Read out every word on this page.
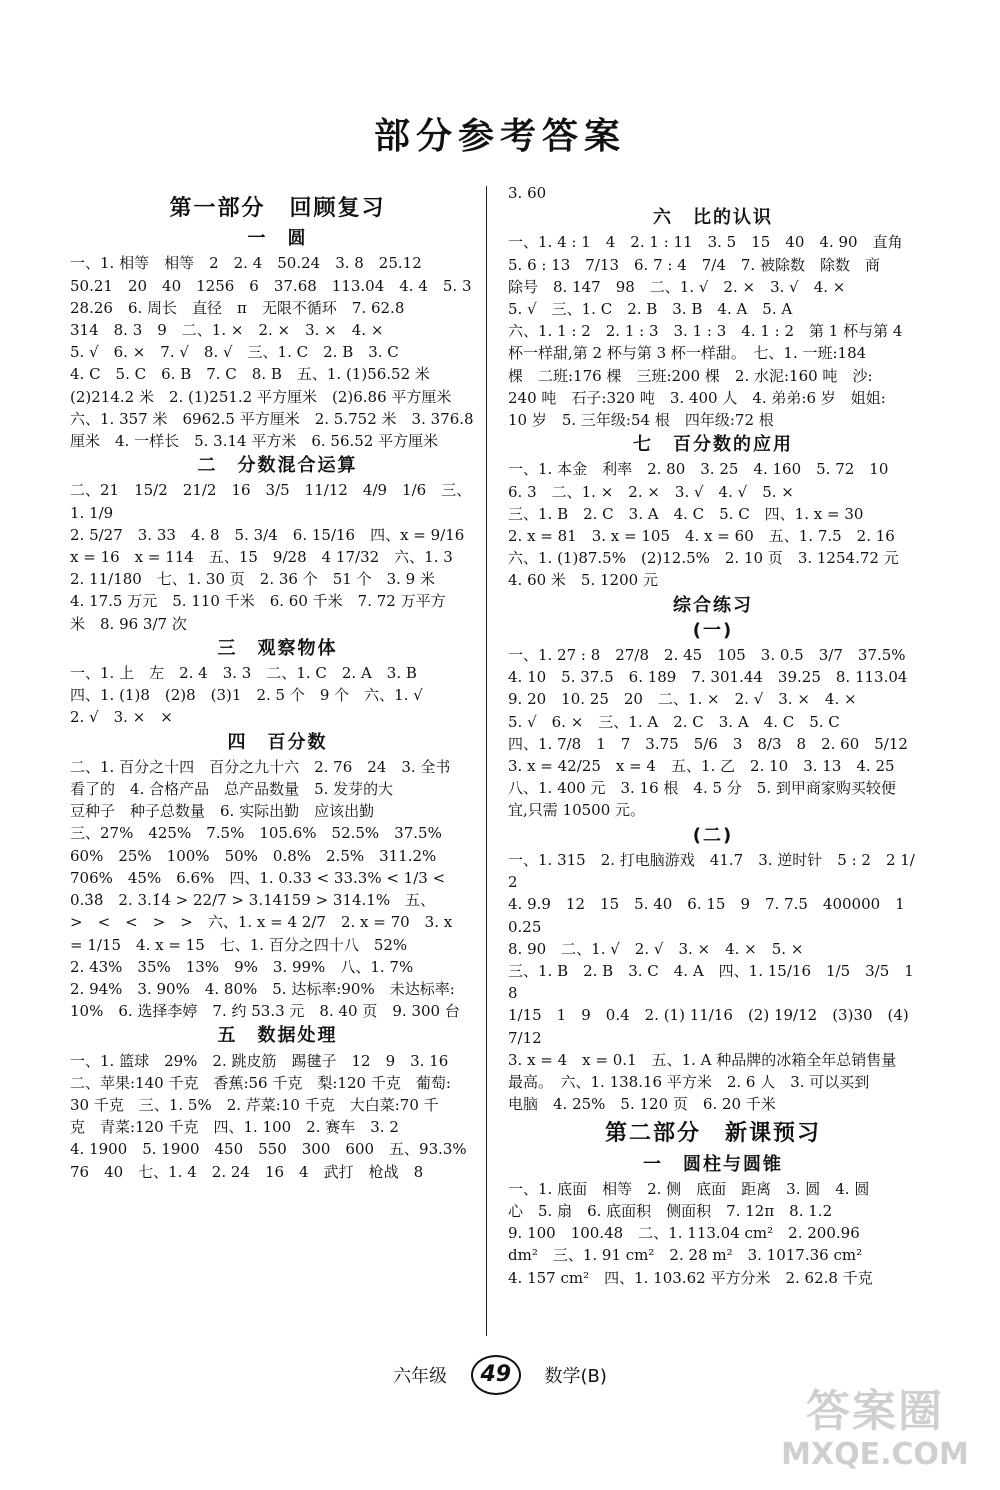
部分参考答案
第一部分　回顾复习
一　圆
一、1. 相等　相等　2　2. 4　50.24　3. 8　25.12
50.21　20　40　1256　6　37.68　113.04　4. 4　5. 3
28.26　6. 周长　直径　π　无限不循环　7. 62.8
314　8. 3　9　二、1. ×　2. ×　3. ×　4. ×
5. √　6. ×　7. √　8. √　三、1. C　2. B　3. C
4. C　5. C　6. B　7. C　8. B　五、1. (1)56.52 米
(2)214.2 米　2. (1)251.2 平方厘米　(2)6.86 平方厘米
六、1. 357 米　6962.5 平方厘米　2. 5.752 米　3. 376.8
厘米　4. 一样长　5. 3.14 平方米　6. 56.52 平方厘米
二　分数混合运算
二、21　15/2　21/2　16　3/5　11/12　4/9　1/6　三、1. 1/9
2. 5/27　3. 33　4. 8　5. 3/4　6. 15/16　四、x = 9/16
x = 16　x = 114　五、15　9/28　4 17/32　六、1. 3
2. 11/180　七、1. 30 页　2. 36 个　51 个　3. 9 米
4. 17.5 万元　5. 110 千米　6. 60 千米　7. 72 万平方
米　8. 96 3/7 次
三　观察物体
一、1. 上　左　2. 4　3. 3　二、1. C　2. A　3. B
四、1. (1)8　(2)8　(3)1　2. 5 个　9 个　六、1. √
2. √　3. ×　×
四　百分数
二、1. 百分之十四　百分之九十六　2. 76　24　3. 全书
看了的　4. 合格产品　总产品数量　5. 发芽的大
豆种子　种子总数量　6. 实际出勤　应该出勤
三、27%　425%　7.5%　105.6%　52.5%　37.5%
60%　25%　100%　50%　0.8%　2.5%　311.2%
706%　45%　6.6%　四、1. 0.33 < 33.3% < 1/3 <
0.3̇8̇　2. 3.1̇4̇ > 22/7 > 3.14159 > 314.1%　五、
>　<　<　>　>　六、1. x = 4 2/7　2. x = 70　3. x
= 1/15　4. x = 15　七、1. 百分之四十八　52%
2. 43%　35%　13%　9%　3. 99%　八、1. 7%
2. 94%　3. 90%　4. 80%　5. 达标率:90%　未达标率:
10%　6. 选择李婷　7. 约 53.3 元　8. 40 页　9. 300 台
五　数据处理
一、1. 篮球　29%　2. 跳皮筋　踢毽子　12　9　3. 16
二、苹果:140 千克　香蕉:56 千克　梨:120 千克　葡萄:
30 千克　三、1. 5%　2. 芹菜:10 千克　大白菜:70 千
克　青菜:120 千克　四、1. 100　2. 赛车　3. 2
4. 1900　5. 1900　450　550　300　600　五、93.3%
76　40　七、1. 4　2. 24　16　4　武打　枪战　8
3. 60
六　比的认识
一、1. 4 : 1　4　2. 1 : 11　3. 5　15　40　4. 90　直角
5. 6 : 13　7/13　6. 7 : 4　7/4　7. 被除数　除数　商
除号　8. 147　98　二、1. √　2. ×　3. √　4. ×
5. √　三、1. C　2. B　3. B　4. A　5. A
六、1. 1 : 2　2. 1 : 3　3. 1 : 3　4. 1 : 2　第 1 杯与第 4
杯一样甜,第 2 杯与第 3 杯一样甜。　七、1. 一班:184
棵　二班:176 棵　三班:200 棵　2. 水泥:160 吨　沙:
240 吨　石子:320 吨　3. 400 人　4. 弟弟:6 岁　姐姐:
10 岁　5. 三年级:54 根　四年级:72 根
七　百分数的应用
一、1. 本金　利率　2. 80　3. 25　4. 160　5. 72　10
6. 3　二、1. ×　2. ×　3. √　4. √　5. ×
三、1. B　2. C　3. A　4. C　5. C　四、1. x = 30
2. x = 81　3. x = 105　4. x = 60　五、1. 7.5　2. 16
六、1. (1)87.5%　(2)12.5%　2. 10 页　3. 1254.72 元
4. 60 米　5. 1200 元
综合练习
(一)
一、1. 27 : 8　27/8　2. 45　105　3. 0.5　3/7　37.5%
4. 10　5. 37.5　6. 189　7. 301.44　39.25　8. 113.04
9. 20　10. 25　20　二、1. ×　2. √　3. ×　4. ×
5. √　6. ×　三、1. A　2. C　3. A　4. C　5. C
四、1. 7/8　1　7　3.75　5/6　3　8/3　8　2. 60　5/12
3. x = 42/25　x = 4　五、1. 乙　2. 10　3. 13　4. 25
八、1. 400 元　3. 16 根　4. 5 分　5. 到甲商家购买较便
宜,只需 10500 元。
(二)
一、1. 315　2. 打电脑游戏　41.7　3. 逆时针　5 : 2　2 1/2
4. 9.9　12　15　5. 40　6. 15　9　7. 7.5　400000　10.25
8. 90　二、1. √　2. √　3. ×　4. ×　5. ×
三、1. B　2. B　3. C　4. A　四、1. 15/16　1/5　3/5　18
1/15　1　9　0.4　2. (1) 11/16　(2) 19/12　(3)30　(4) 7/12
3. x = 4　x = 0.1　五、1. A 种品牌的冰箱全年总销售量
最高。　六、1. 138.16 平方米　2. 6 人　3. 可以买到
电脑　4. 25%　5. 120 页　6. 20 千米
第二部分　新课预习
一　圆柱与圆锥
一、1. 底面　相等　2. 侧　底面　距离　3. 圆　4. 圆
心　5. 扇　6. 底面积　侧面积　7. 12π　8. 1.2
9. 100　100.48　二、1. 113.04 cm²　2. 200.96
dm²　三、1. 91 cm²　2. 28 m²　3. 1017.36 cm²
4. 157 cm²　四、1. 103.62 平方分米　2. 62.8 千克
六年级 49 数学(B)
答案圈
MXQE.COM
